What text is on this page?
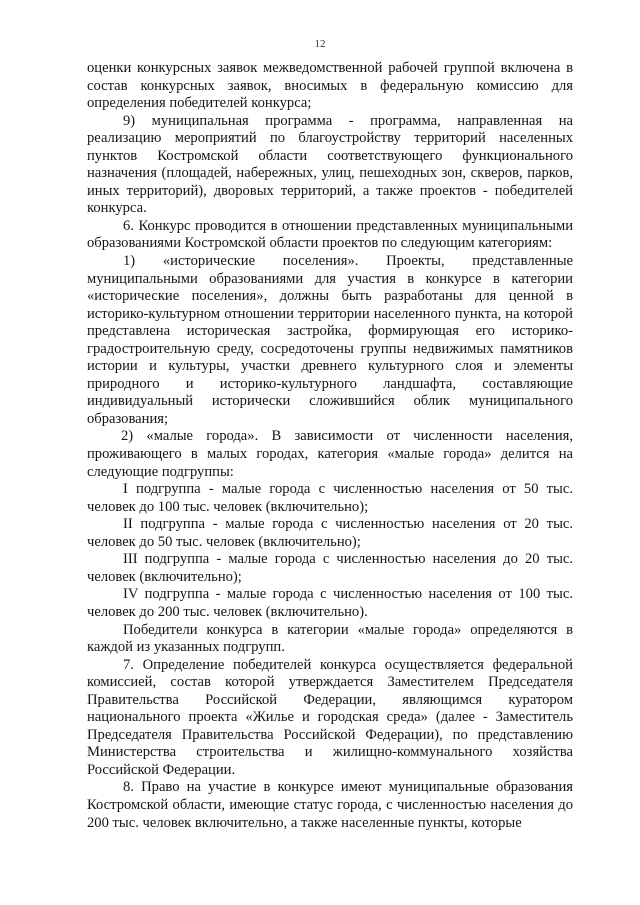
12

оценки конкурсных заявок межведомственной рабочей группой включена в состав конкурсных заявок, вносимых в федеральную комиссию для определения победителей конкурса;

9) муниципальная программа - программа, направленная на реализацию мероприятий по благоустройству территорий населенных пунктов Костромской области соответствующего функционального назначения (площадей, набережных, улиц, пешеходных зон, скверов, парков, иных территорий), дворовых территорий, а также проектов - победителей конкурса.

6. Конкурс проводится в отношении представленных муниципальными образованиями Костромской области проектов по следующим категориям:

1) «исторические поселения». Проекты, представленные муниципальными образованиями для участия в конкурсе в категории «исторические поселения», должны быть разработаны для ценной в историко-культурном отношении территории населенного пункта, на которой представлена историческая застройка, формирующая его историко-градостроительную среду, сосредоточены группы недвижимых памятников истории и культуры, участки древнего культурного слоя и элементы природного и историко-культурного ландшафта, составляющие индивидуальный исторически сложившийся облик муниципального образования;

2) «малые города». В зависимости от численности населения, проживающего в малых городах, категория «малые города» делится на следующие подгруппы:

I подгруппа - малые города с численностью населения от 50 тыс. человек до 100 тыс. человек (включительно);

II подгруппа - малые города с численностью населения от 20 тыс. человек до 50 тыс. человек (включительно);

III подгруппа - малые города с численностью населения до 20 тыс. человек (включительно);

IV подгруппа - малые города с численностью населения от 100 тыс. человек до 200 тыс. человек (включительно).

Победители конкурса в категории «малые города» определяются в каждой из указанных подгрупп.

7. Определение победителей конкурса осуществляется федеральной комиссией, состав которой утверждается Заместителем Председателя Правительства Российской Федерации, являющимся куратором национального проекта «Жилье и городская среда» (далее - Заместитель Председателя Правительства Российской Федерации), по представлению Министерства строительства и жилищно-коммунального хозяйства Российской Федерации.

8. Право на участие в конкурсе имеют муниципальные образования Костромской области, имеющие статус города, с численностью населения до 200 тыс. человек включительно, а также населенные пункты, которые
